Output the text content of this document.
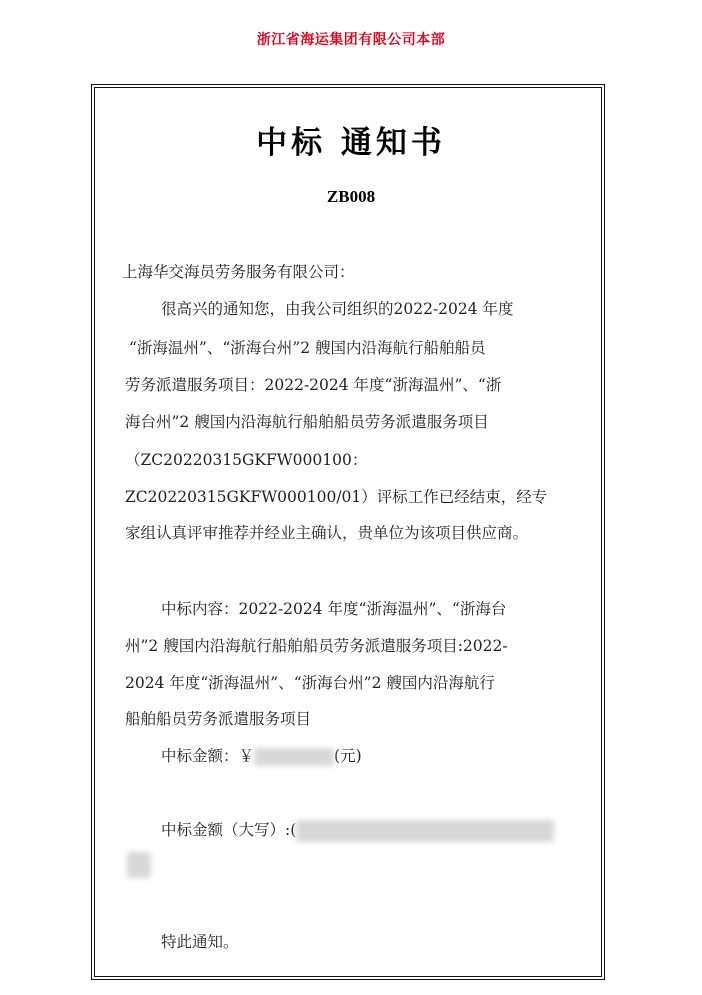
浙江省海运集团有限公司本部
中标 通知书
ZB008
上海华交海员劳务服务有限公司：
很高兴的通知您，由我公司组织的2022-2024 年度
“浙海温州”、“浙海台州”2 艘国内沿海航行船舶船员
劳务派遣服务项目：2022-2024 年度“浙海温州”、“浙
海台州”2 艘国内沿海航行船舶船员劳务派遣服务项目
（ZC20220315GKFW000100：
ZC20220315GKFW000100/01）评标工作已经结束，经专
家组认真评审推荐并经业主确认，贵单位为该项目供应商。
中标内容：2022-2024 年度“浙海温州”、“浙海台
州”2 艘国内沿海航行船舶船员劳务派遣服务项目:2022-
2024 年度“浙海温州”、“浙海台州”2 艘国内沿海航行
船舶船员劳务派遣服务项目
中标金额：￥	(元)
中标金额（大写）:(
特此通知。
